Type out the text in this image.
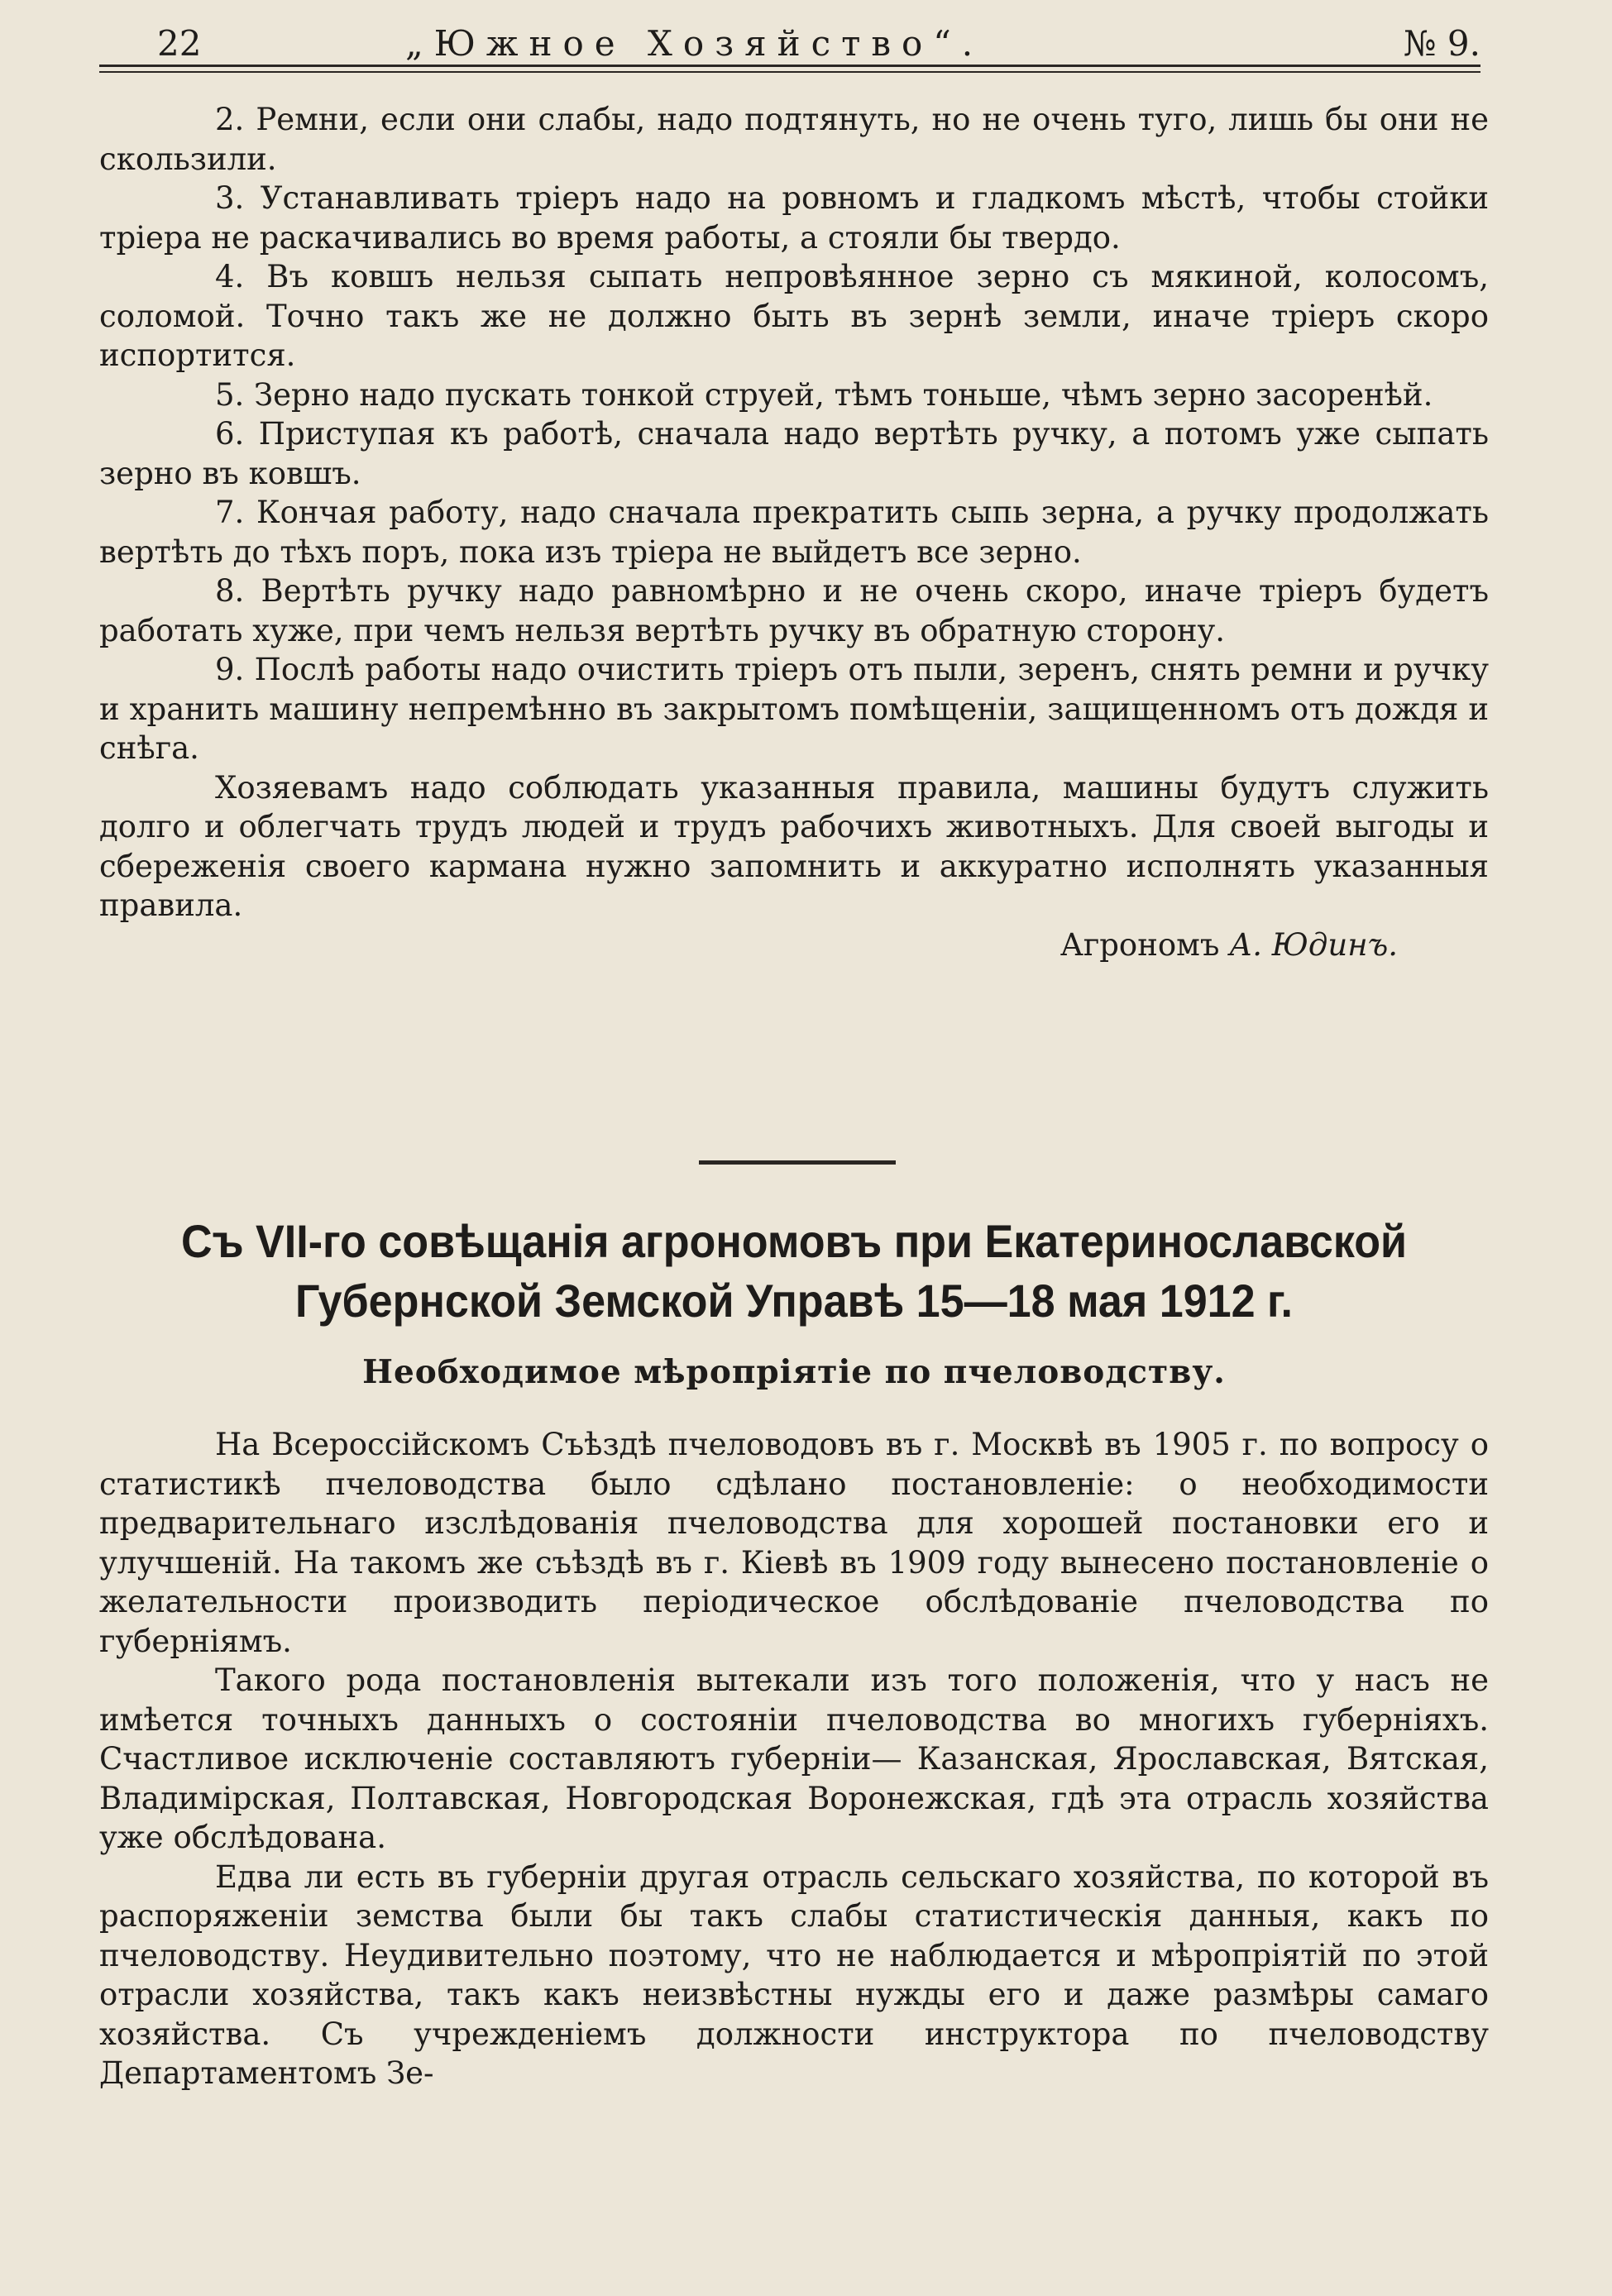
22	„Южное Хозяйство“.	№ 9.

2. Ремни, если они слабы, надо подтянуть, но не очень туго, лишь бы они не скользили.

3. Устанавливать тріеръ надо на ровномъ и гладкомъ мѣстѣ, чтобы стойки тріера не раскачивались во время работы, а стояли бы твердо.

4. Въ ковшъ нельзя сыпать непровѣянное зерно съ мякиной, колосомъ, соломой. Точно такъ же не должно быть въ зернѣ земли, иначе тріеръ скоро испортится.

5. Зерно надо пускать тонкой струей, тѣмъ тоньше, чѣмъ зерно засоренѣй.

6. Приступая къ работѣ, сначала надо вертѣть ручку, а потомъ уже сыпать зерно въ ковшъ.

7. Кончая работу, надо сначала прекратить сыпь зерна, а ручку продолжать вертѣть до тѣхъ поръ, пока изъ тріера не выйдетъ все зерно.

8. Вертѣть ручку надо равномѣрно и не очень скоро, иначе тріеръ будетъ работать хуже, при чемъ нельзя вертѣть ручку въ обратную сторону.

9. Послѣ работы надо очистить тріеръ отъ пыли, зеренъ, снять ремни и ручку и хранить машину непремѣнно въ закрытомъ помѣщеніи, защищенномъ отъ дождя и снѣга.

Хозяевамъ надо соблюдать указанныя правила, машины будутъ служить долго и облегчать трудъ людей и трудъ рабочихъ животныхъ. Для своей выгоды и сбереженія своего кармана нужно запомнить и аккуратно исполнять указанныя правила.

Агрономъ А. Юдинъ.
Съ VII-го совѣщанія агрономовъ при Екатеринославской
Губернской Земской Управѣ 15—18 мая 1912 г.
Необходимое мѣропріятіе по пчеловодству.

На Всероссійскомъ Съѣздѣ пчеловодовъ въ г. Москвѣ въ 1905 г. по вопросу о статистикѣ пчеловодства было сдѣлано постановленіе: о необходимости предварительнаго изслѣдованія пчеловодства для хорошей постановки его и улучшеній. На такомъ же съѣздѣ въ г. Кіевѣ въ 1909 году вынесено постановленіе о желательности производить періодическое обслѣдованіе пчеловодства по губерніямъ.

Такого рода постановленія вытекали изъ того положенія, что у насъ не имѣется точныхъ данныхъ о состояніи пчеловодства во многихъ губерніяхъ. Счастливое исключеніе составляютъ губерніи— Казанская, Ярославская, Вятская, Владимірская, Полтавская, Новгородская Воронежская, гдѣ эта отрасль хозяйства уже обслѣдована.

Едва ли есть въ губерніи другая отрасль сельскаго хозяйства, по которой въ распоряженіи земства были бы такъ слабы статистическія данныя, какъ по пчеловодству. Неудивительно поэтому, что не наблюдается и мѣропріятій по этой отрасли хозяйства, такъ какъ неизвѣстны нужды его и даже размѣры самаго хозяйства. Съ учрежденіемъ должности инструктора по пчеловодству Департаментомъ Зе-
